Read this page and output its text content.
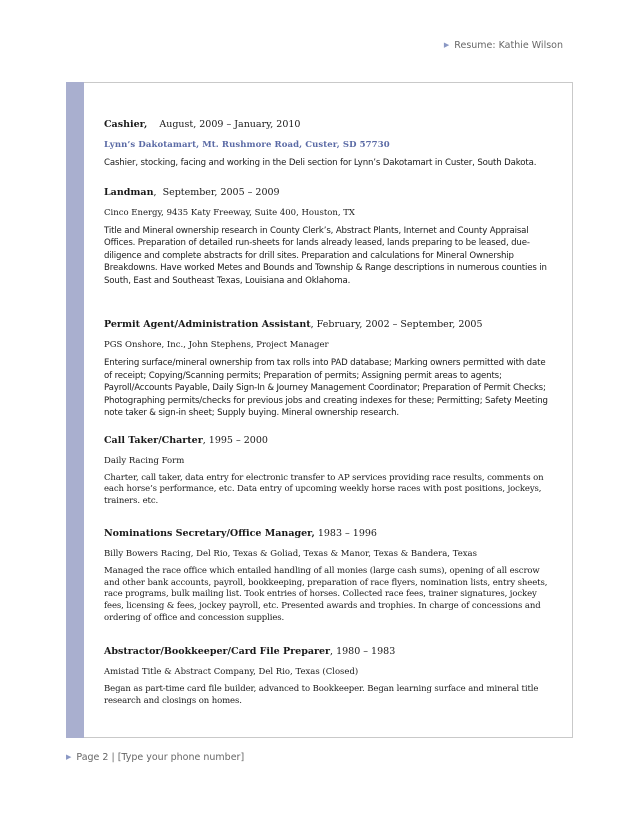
▶ Resume: Kathie Wilson

Cashier, August, 2009 – January, 2010

Lynn’s Dakotamart, Mt. Rushmore Road, Custer, SD 57730

Cashier, stocking, facing and working in the Deli section for Lynn’s Dakotamart in Custer, South Dakota.

Landman,  September, 2005 – 2009

Cinco Energy, 9435 Katy Freeway, Suite 400, Houston, TX

Title and Mineral ownership research in County Clerk’s, Abstract Plants, Internet and County Appraisal Offices. Preparation of detailed run-sheets for lands already leased, lands preparing to be leased, due-diligence and complete abstracts for drill sites. Preparation and calculations for Mineral Ownership Breakdowns. Have worked Metes and Bounds and Township & Range descriptions in numerous counties in South, East and Southeast Texas, Louisiana and Oklahoma.

Permit Agent/Administration Assistant, February, 2002 – September, 2005

PGS Onshore, Inc., John Stephens, Project Manager

Entering surface/mineral ownership from tax rolls into PAD database; Marking owners permitted with date of receipt; Copying/Scanning permits; Preparation of permits; Assigning permit areas to agents; Payroll/Accounts Payable, Daily Sign-In & Journey Management Coordinator; Preparation of Permit Checks; Photographing permits/checks for previous jobs and creating indexes for these; Permitting; Safety Meeting note taker & sign-in sheet; Supply buying. Mineral ownership research.

Call Taker/Charter, 1995 – 2000

Daily Racing Form

Charter, call taker, data entry for electronic transfer to AP services providing race results, comments on each horse’s performance, etc. Data entry of upcoming weekly horse races with post positions, jockeys, trainers. etc.

Nominations Secretary/Office Manager, 1983 – 1996

Billy Bowers Racing, Del Rio, Texas & Goliad, Texas & Manor, Texas & Bandera, Texas

Managed the race office which entailed handling of all monies (large cash sums), opening of all escrow and other bank accounts, payroll, bookkeeping, preparation of race flyers, nomination lists, entry sheets, race programs, bulk mailing list. Took entries of horses. Collected race fees, trainer signatures, jockey fees, licensing & fees, jockey payroll, etc. Presented awards and trophies. In charge of concessions and ordering of office and concession supplies.

Abstractor/Bookkeeper/Card File Preparer, 1980 – 1983

Amistad Title & Abstract Company, Del Rio, Texas (Closed)

Began as part-time card file builder, advanced to Bookkeeper. Began learning surface and mineral title research and closings on homes.

▶ Page 2 | [Type your phone number]
